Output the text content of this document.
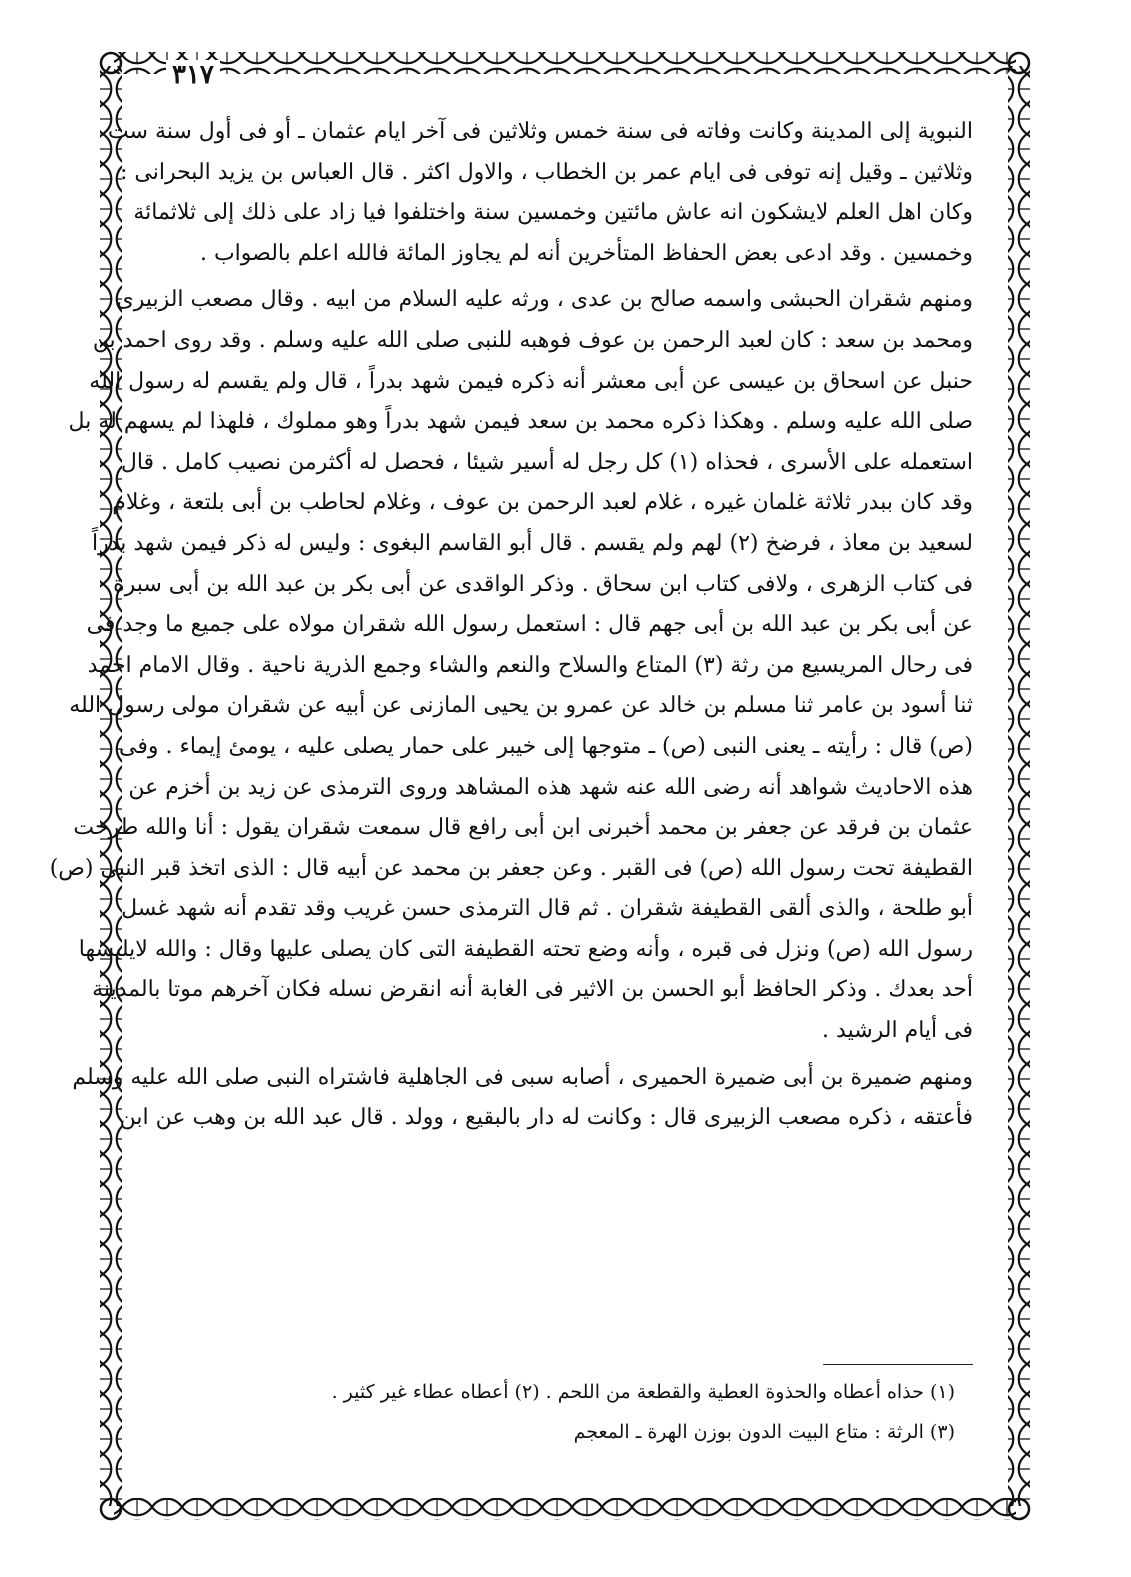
٣١٧
النبوية إلى المدينة وكانت وفاته فى سنة خمس وثلاثين فى آخر ايام عثمان ـ أو فى أول سنة ست
وثلاثين ـ وقيل إنه توفى فى ايام عمر بن الخطاب ، والاول اكثر . قال العباس بن يزيد البحرانى :
وكان اهل العلم لايشكون انه عاش مائتين وخمسين سنة واختلفوا فيا زاد على ذلك إلى ثلاثمائة
وخمسين . وقد ادعى بعض الحفاظ المتأخرين أنه لم يجاوز المائة فالله اعلم بالصواب .
ومنهم شقران الحبشى واسمه صالح بن عدى ، ورثه عليه السلام من ابيه . وقال مصعب الزبيرى
ومحمد بن سعد : كان لعبد الرحمن بن عوف فوهبه للنبى صلى الله عليه وسلم . وقد روى احمد بن
حنبل عن اسحاق بن عيسى عن أبى معشر أنه ذكره فيمن شهد بدراً ، قال ولم يقسم له رسول الله
صلى الله عليه وسلم . وهكذا ذكره محمد بن سعد فيمن شهد بدراً وهو مملوك ، فلهذا لم يسهم له بل
استعمله على الأسرى ، فحذاه (١) كل رجل له أسير شيئا ، فحصل له أكثرمن نصيب كامل . قال
وقد كان ببدر ثلاثة غلمان غيره ، غلام لعبد الرحمن بن عوف ، وغلام لحاطب بن أبى بلتعة ، وغلام
لسعيد بن معاذ ، فرضخ (٢) لهم ولم يقسم . قال أبو القاسم البغوى : وليس له ذكر فيمن شهد بدراً
فى كتاب الزهرى ، ولافى كتاب ابن سحاق . وذكر الواقدى عن أبى بكر بن عبد الله بن أبى سبرة
عن أبى بكر بن عبد الله بن أبى جهم قال : استعمل رسول الله شقران مولاه على جميع ما وجد فى
فى رحال المريسيع من رثة (٣) المتاع والسلاح والنعم والشاء وجمع الذرية ناحية . وقال الامام احمد
ثنا أسود بن عامر ثنا مسلم بن خالد عن عمرو بن يحيى المازنى عن أبيه عن شقران مولى رسول الله
(ص) قال : رأيته ـ يعنى النبى (ص) ـ متوجها إلى خيبر على حمار يصلى عليه ، يومئ إيماء . وفى
هذه الاحاديث شواهد أنه رضى الله عنه شهد هذه المشاهد وروى الترمذى عن زيد بن أخزم عن
عثمان بن فرقد عن جعفر بن محمد أخبرنى ابن أبى رافع قال سمعت شقران يقول : أنا والله طرحت
القطيفة تحت رسول الله (ص) فى القبر . وعن جعفر بن محمد عن أبيه قال : الذى اتخذ قبر النبى (ص)
أبو طلحة ، والذى ألقى القطيفة شقران . ثم قال الترمذى حسن غريب وقد تقدم أنه شهد غسل
رسول الله (ص) ونزل فى قبره ، وأنه وضع تحته القطيفة التى كان يصلى عليها وقال : والله لايلبسها
أحد بعدك . وذكر الحافظ أبو الحسن بن الاثير فى الغابة أنه انقرض نسله فكان آخرهم موتا بالمدينة
فى أيام الرشيد .
ومنهم ضميرة بن أبى ضميرة الحميرى ، أصابه سبى فى الجاهلية فاشتراه النبى صلى الله عليه وسلم
فأعتقه ، ذكره مصعب الزبيرى قال : وكانت له دار بالبقيع ، وولد . قال عبد الله بن وهب عن ابن
(١) حذاه أعطاه والحذوة العطية والقطعة من اللحم . (٢) أعطاه عطاء غير كثير .
(٣) الرثة : متاع البيت الدون بوزن الهرة ـ المعجم
